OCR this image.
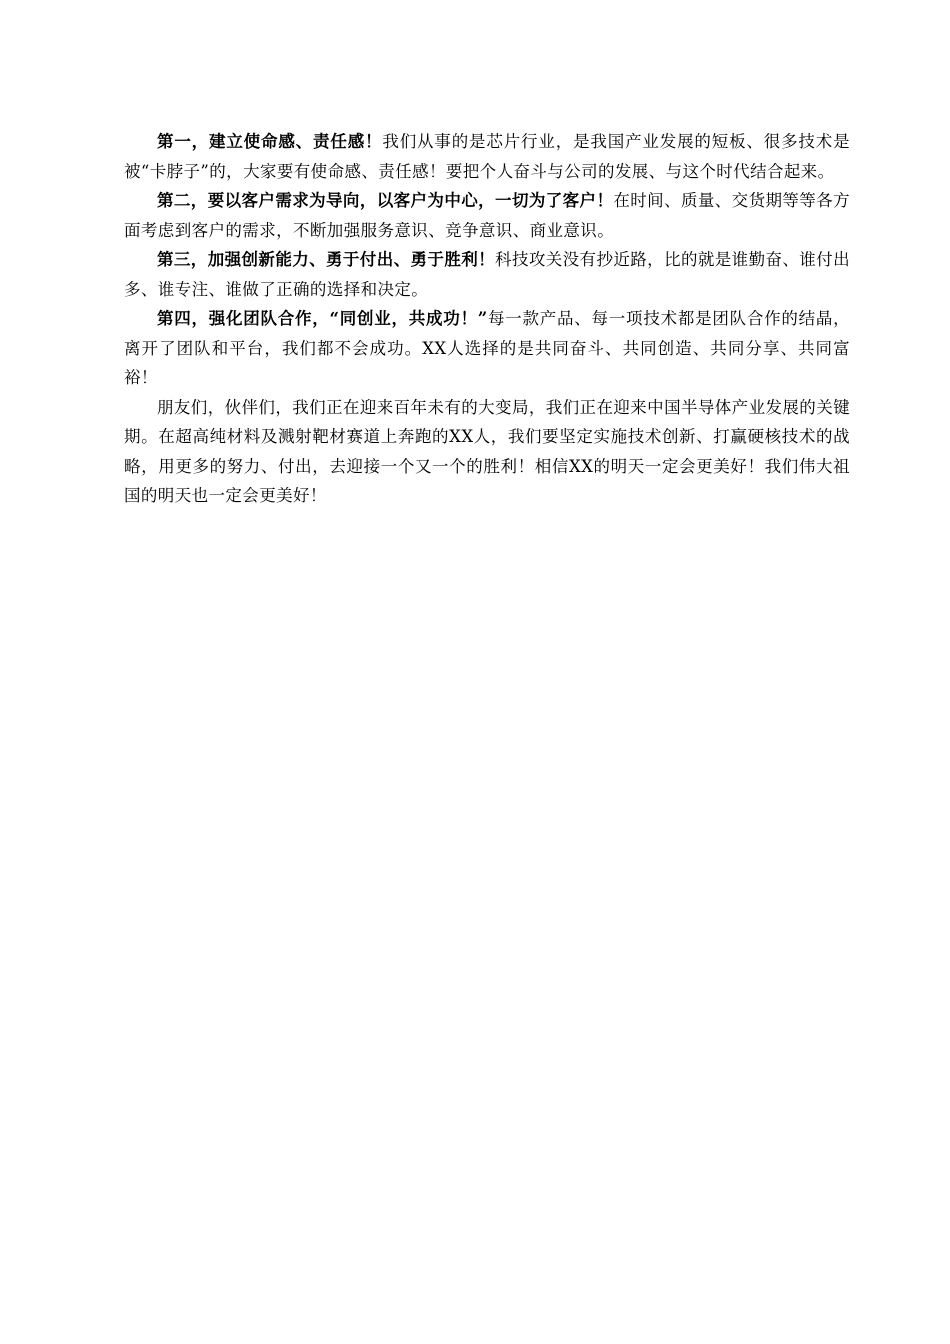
第一，建立使命感、责任感！我们从事的是芯片行业，是我国产业发展的短板、很多技术是被“卡脖子”的，大家要有使命感、责任感！要把个人奋斗与公司的发展、与这个时代结合起来。

第二，要以客户需求为导向，以客户为中心，一切为了客户！在时间、质量、交货期等等各方面考虑到客户的需求，不断加强服务意识、竞争意识、商业意识。

第三，加强创新能力、勇于付出、勇于胜利！科技攻关没有抄近路，比的就是谁勤奋、谁付出多、谁专注、谁做了正确的选择和决定。

第四，强化团队合作，“同创业，共成功！”每一款产品、每一项技术都是团队合作的结晶，离开了团队和平台，我们都不会成功。XX人选择的是共同奋斗、共同创造、共同分享、共同富裕！

朋友们，伙伴们，我们正在迎来百年未有的大变局，我们正在迎来中国半导体产业发展的关键期。在超高纯材料及溅射靶材赛道上奔跑的XX人，我们要坚定实施技术创新、打赢硬核技术的战略，用更多的努力、付出，去迎接一个又一个的胜利！相信XX的明天一定会更美好！我们伟大祖国的明天也一定会更美好！
